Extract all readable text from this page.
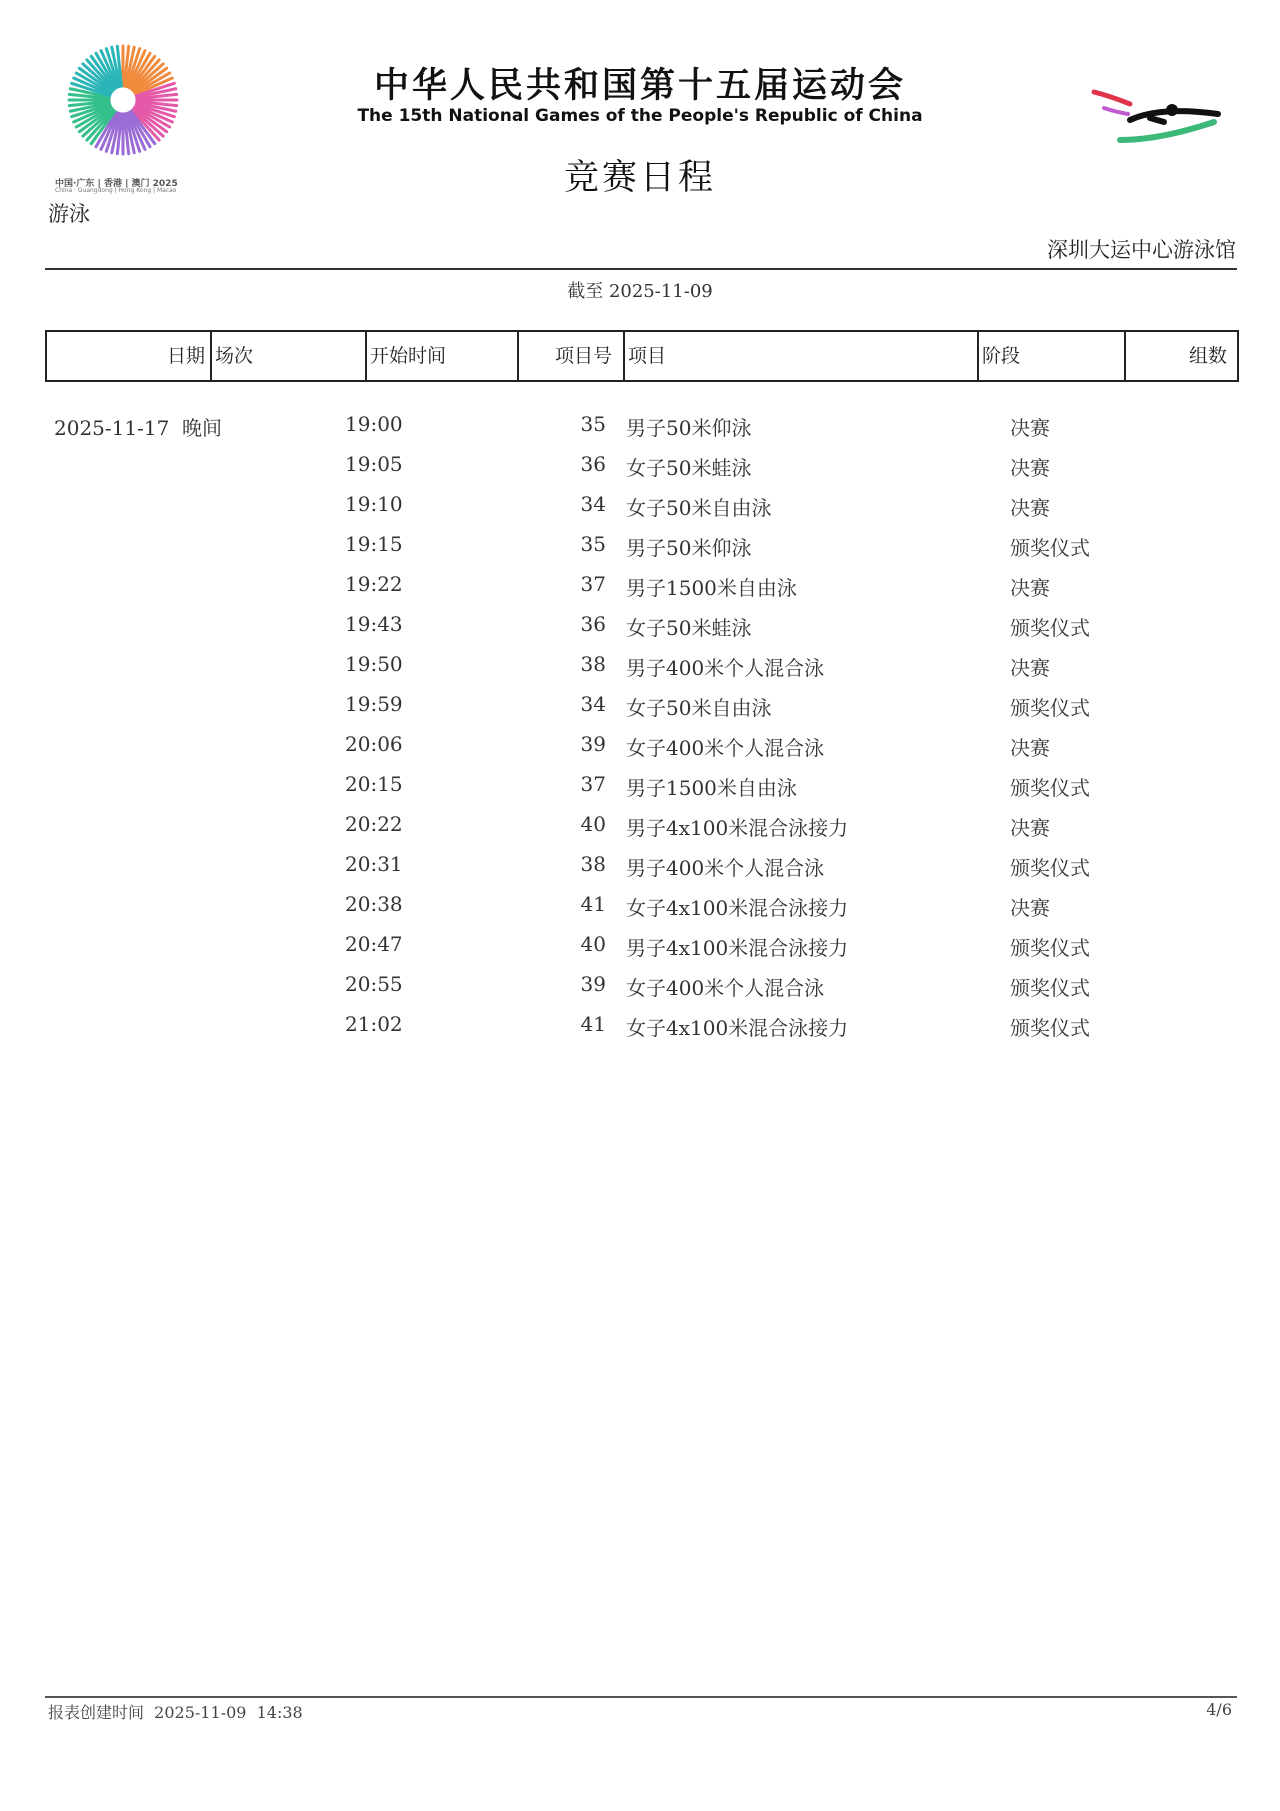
中国·广东 | 香港 | 澳门 2025
China · Guangdong | Hong Kong | Macao
中华人民共和国第十五届运动会
The 15th National Games of the People's Republic of China
竞赛日程
游泳
深圳大运中心游泳馆
截至 2025-11-09
日期 场次	开始时间	项目号 项目	阶段	组数
2025-11-17  晚间	19:00	35 男子50米仰泳	决赛
19:05	36 女子50米蛙泳	决赛
19:10	34 女子50米自由泳	决赛
19:15	35 男子50米仰泳	颁奖仪式
19:22	37 男子1500米自由泳	决赛
19:43	36 女子50米蛙泳	颁奖仪式
19:50	38 男子400米个人混合泳	决赛
19:59	34 女子50米自由泳	颁奖仪式
20:06	39 女子400米个人混合泳	决赛
20:15	37 男子1500米自由泳	颁奖仪式
20:22	40 男子4x100米混合泳接力	决赛
20:31	38 男子400米个人混合泳	颁奖仪式
20:38	41 女子4x100米混合泳接力	决赛
20:47	40 男子4x100米混合泳接力	颁奖仪式
20:55	39 女子400米个人混合泳	颁奖仪式
21:02	41 女子4x100米混合泳接力	颁奖仪式
报表创建时间  2025-11-09  14:38	4/6
